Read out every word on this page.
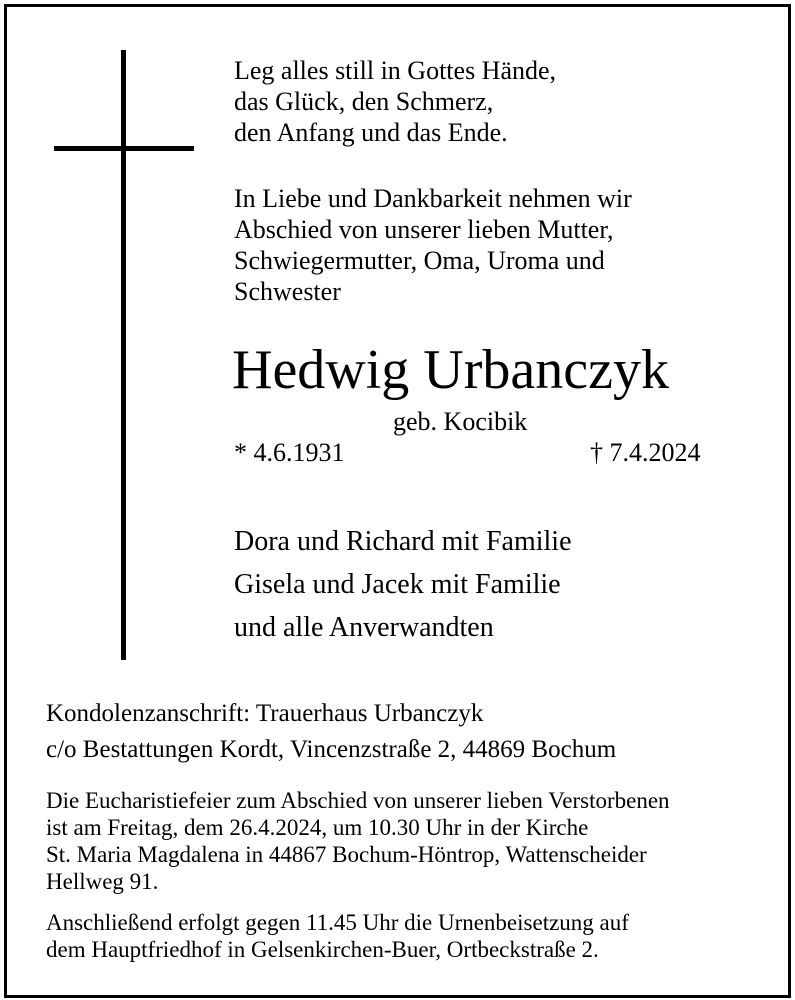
Leg alles still in Gottes Hände,
das Glück, den Schmerz,
den Anfang und das Ende.

In Liebe und Dankbarkeit nehmen wir
Abschied von unserer lieben Mutter,
Schwiegermutter, Oma, Uroma und
Schwester

Hedwig Urbanczyk
geb. Kocibik
* 4.6.1931	† 7.4.2024

Dora und Richard mit Familie
Gisela und Jacek mit Familie
und alle Anverwandten

Kondolenzanschrift: Trauerhaus Urbanczyk
c/o Bestattungen Kordt, Vincenzstraße 2, 44869 Bochum

Die Eucharistiefeier zum Abschied von unserer lieben Verstorbenen
ist am Freitag, dem 26.4.2024, um 10.30 Uhr in der Kirche
St. Maria Magdalena in 44867 Bochum-Höntrop, Wattenscheider
Hellweg 91.

Anschließend erfolgt gegen 11.45 Uhr die Urnenbeisetzung auf
dem Hauptfriedhof in Gelsenkirchen-Buer, Ortbeckstraße 2.
